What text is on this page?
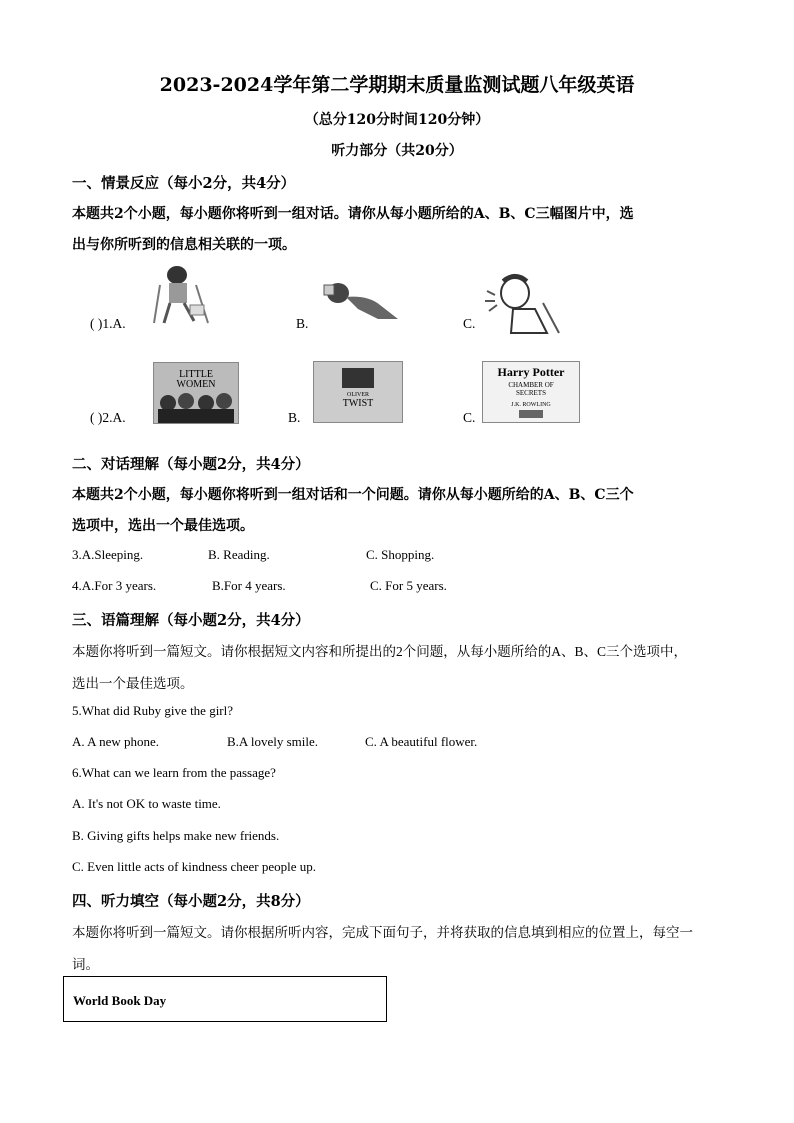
2023-2024学年第二学期期末质量监测试题八年级英语
（总分120分时间120分钟）
听力部分（共20分）
一、情景反应（每小2分，共4分）
本题共2个小题，每小题你将听到一组对话。请你从每小题所给的A、B、C三幅图片中，选
出与你所听到的信息相关联的一项。
( )1.A.	B.	C.
( )2.A.
LITTLE
WOMEN
B.
OLIVER
TWIST
C.
Harry Potter
CHAMBER OF
SECRETS
J.K. ROWLING
二、对话理解（每小题2分，共4分）
本题共2个小题，每小题你将听到一组对话和一个问题。请你从每小题所给的A、B、C三个
选项中，选出一个最佳选项。
3.A.Sleeping.	B. Reading.	C. Shopping.
4.A.For 3 years.	B.For 4 years.	C. For 5 years.
三、语篇理解（每小题2分，共4分）
本题你将听到一篇短文。请你根据短文内容和所提出的2个问题，从每小题所给的A、B、C三个选项中，
选出一个最佳选项。
5.What did Ruby give the girl?
A. A new phone.	B.A lovely smile.	C. A beautiful flower.
6.What can we learn from the passage?
A. It's not OK to waste time.
B. Giving gifts helps make new friends.
C. Even little acts of kindness cheer people up.
四、听力填空（每小题2分，共8分）
本题你将听到一篇短文。请你根据所听内容，完成下面句子，并将获取的信息填到相应的位置上，每空一
词。
World Book Day
